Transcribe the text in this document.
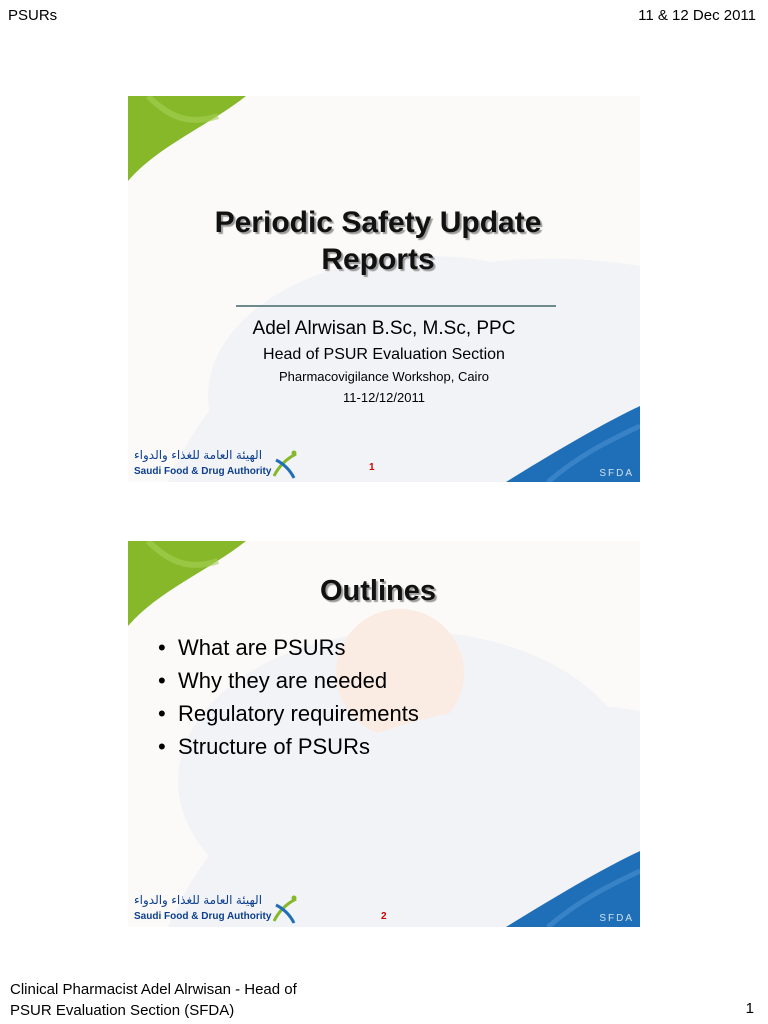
PSURs	11 & 12 Dec 2011
Periodic Safety Update Reports
Adel Alrwisan B.Sc, M.Sc, PPC
Head of PSUR Evaluation Section
Pharmacovigilance Workshop, Cairo
11-12/12/2011
الهيئة العامة للغذاء والدواء
Saudi Food & Drug Authority	1
SFDA
Outlines
• What are PSURs
• Why they are needed
• Regulatory requirements
• Structure of PSURs
الهيئة العامة للغذاء والدواء
Saudi Food & Drug Authority	2	SFDA
Clinical Pharmacist Adel Alrwisan - Head of PSUR Evaluation Section (SFDA)	1
